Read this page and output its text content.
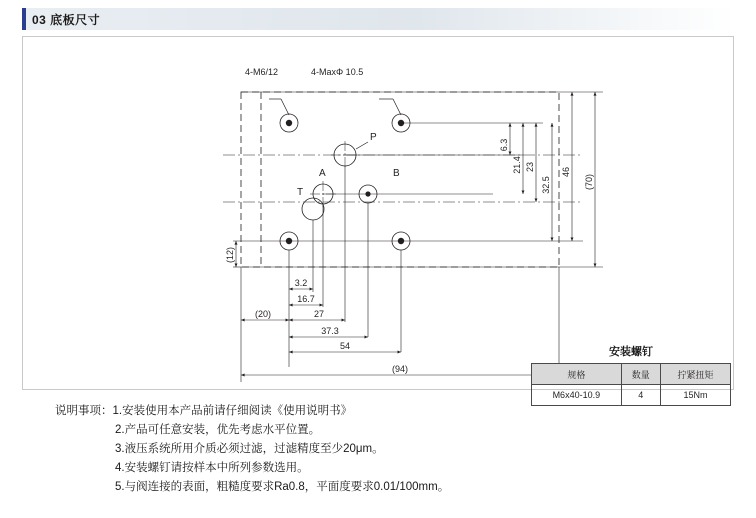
03 底板尺寸
4-M6/12	4-MaxΦ 10.5
P
A	B
T
6.3
21.4 23
32.5
46
(70)
(12)
3.2
16.7
(20)	27
37.3
54
(94)
安装螺钉
规格	数量	拧紧扭矩
M6x40-10.9	4	15Nm
说明事项： 1.安装使用本产品前请仔细阅读《使用说明书》
2.产品可任意安装，优先考虑水平位置。
3.液压系统所用介质必须过滤，过滤精度至少20μm。
4.安装螺钉请按样本中所列参数选用。
5.与阀连接的表面，粗糙度要求Ra0.8，平面度要求0.01/100mm。
